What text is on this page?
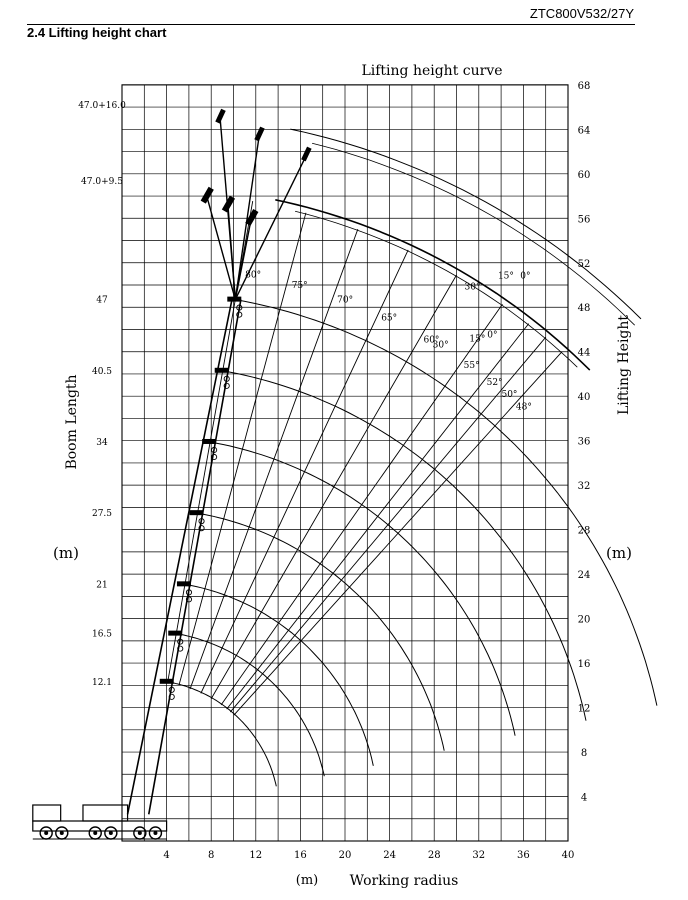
ZTC800V532/27Y
2.4 Lifting height chart
Lifting height curve
Working radius
(m)
Boom Length
(m)
Lifting Height
(m)
4	8	12	16	20	24	28	32	36	40
4
8
12
16
20
24
28
32
36
40
44
48
52
56
60
64
68
12.1
16.5
21
27.5
34
40.5
47
47.0+9.5
47.0+16.0
80°
75°
70°
65°
60°
55°
52°
50°
48°
30°
15° 0°
30°
15° 0°
